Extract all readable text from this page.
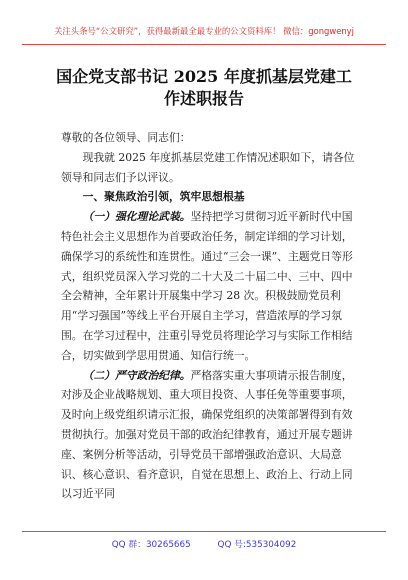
关注头条号“公文研究”，获得最新最全最专业的公文资料库！ 微信：gongwenyj
国企党支部书记 2025 年度抓基层党建工
作述职报告

尊敬的各位领导、同志们：

现我就 2025 年度抓基层党建工作情况述职如下，请各位领导和同志们予以评议。

一、聚焦政治引领，筑牢思想根基

（一）强化理论武装。坚持把学习贯彻习近平新时代中国特色社会主义思想作为首要政治任务，制定详细的学习计划，确保学习的系统性和连贯性。通过“三会一课”、主题党日等形式，组织党员深入学习党的二十大及二十届二中、三中、四中全会精神，全年累计开展集中学习 28 次。积极鼓励党员利用“学习强国”等线上平台开展自主学习，营造浓厚的学习氛围。在学习过程中，注重引导党员将理论学习与实际工作相结合，切实做到学思用贯通、知信行统一。

（二）严守政治纪律。严格落实重大事项请示报告制度，对涉及企业战略规划、重大项目投资、人事任免等重要事项，及时向上级党组织请示汇报，确保党组织的决策部署得到有效贯彻执行。加强对党员干部的政治纪律教育，通过开展专题讲座、案例分析等活动，引导党员干部增强政治意识、大局意识、核心意识、看齐意识，自觉在思想上、政治上、行动上同以习近平同

QQ 群：30265665	QQ 号:535304092
